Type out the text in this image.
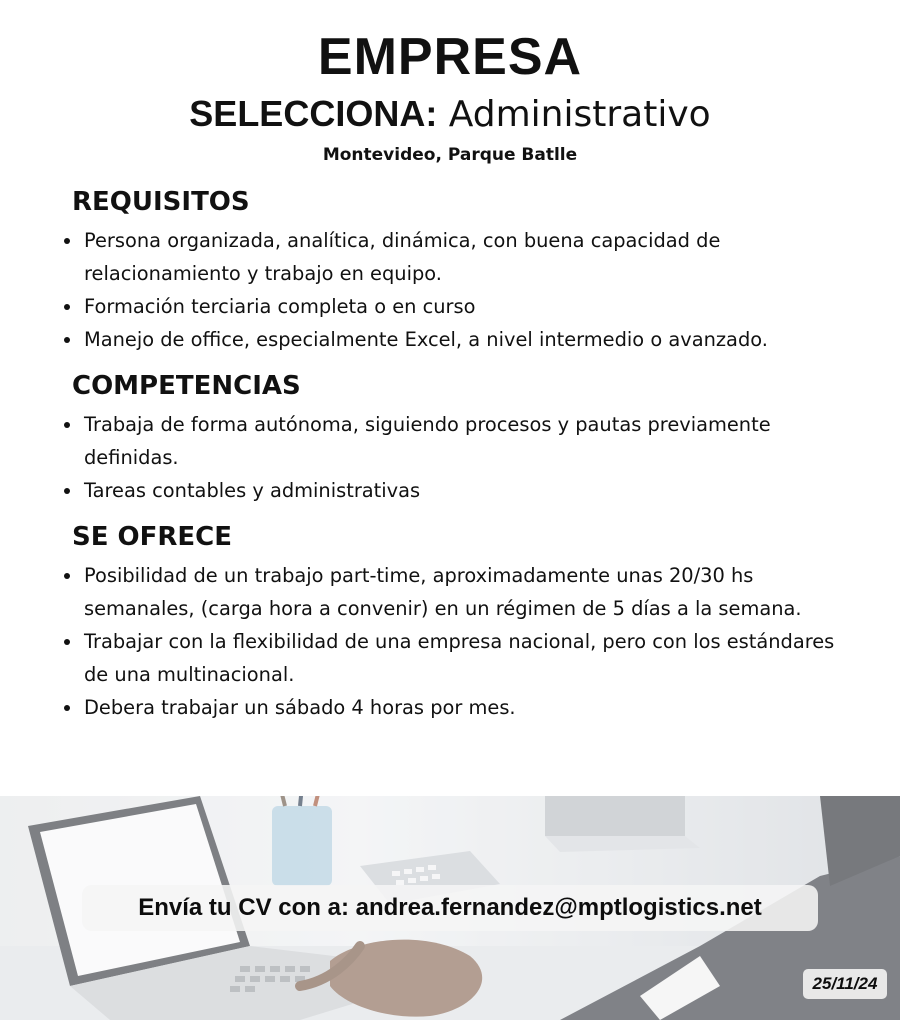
EMPRESA
SELECCIONA: Administrativo
Montevideo, Parque Batlle
REQUISITOS
Persona organizada, analítica, dinámica, con buena capacidad de relacionamiento y trabajo en equipo.
Formación terciaria completa o en curso
Manejo de office, especialmente Excel, a nivel intermedio o avanzado.
COMPETENCIAS
Trabaja de forma autónoma, siguiendo procesos y pautas previamente definidas.
Tareas contables y administrativas
SE OFRECE
Posibilidad de un trabajo part-time, aproximadamente unas 20/30 hs semanales, (carga hora a convenir) en un régimen de 5 días a la semana.
Trabajar con la flexibilidad de una empresa nacional, pero con los estándares de una multinacional.
Debera trabajar un sábado 4 horas por mes.
Envía tu CV con a: andrea.fernandez@mptlogistics.net
25/11/24
